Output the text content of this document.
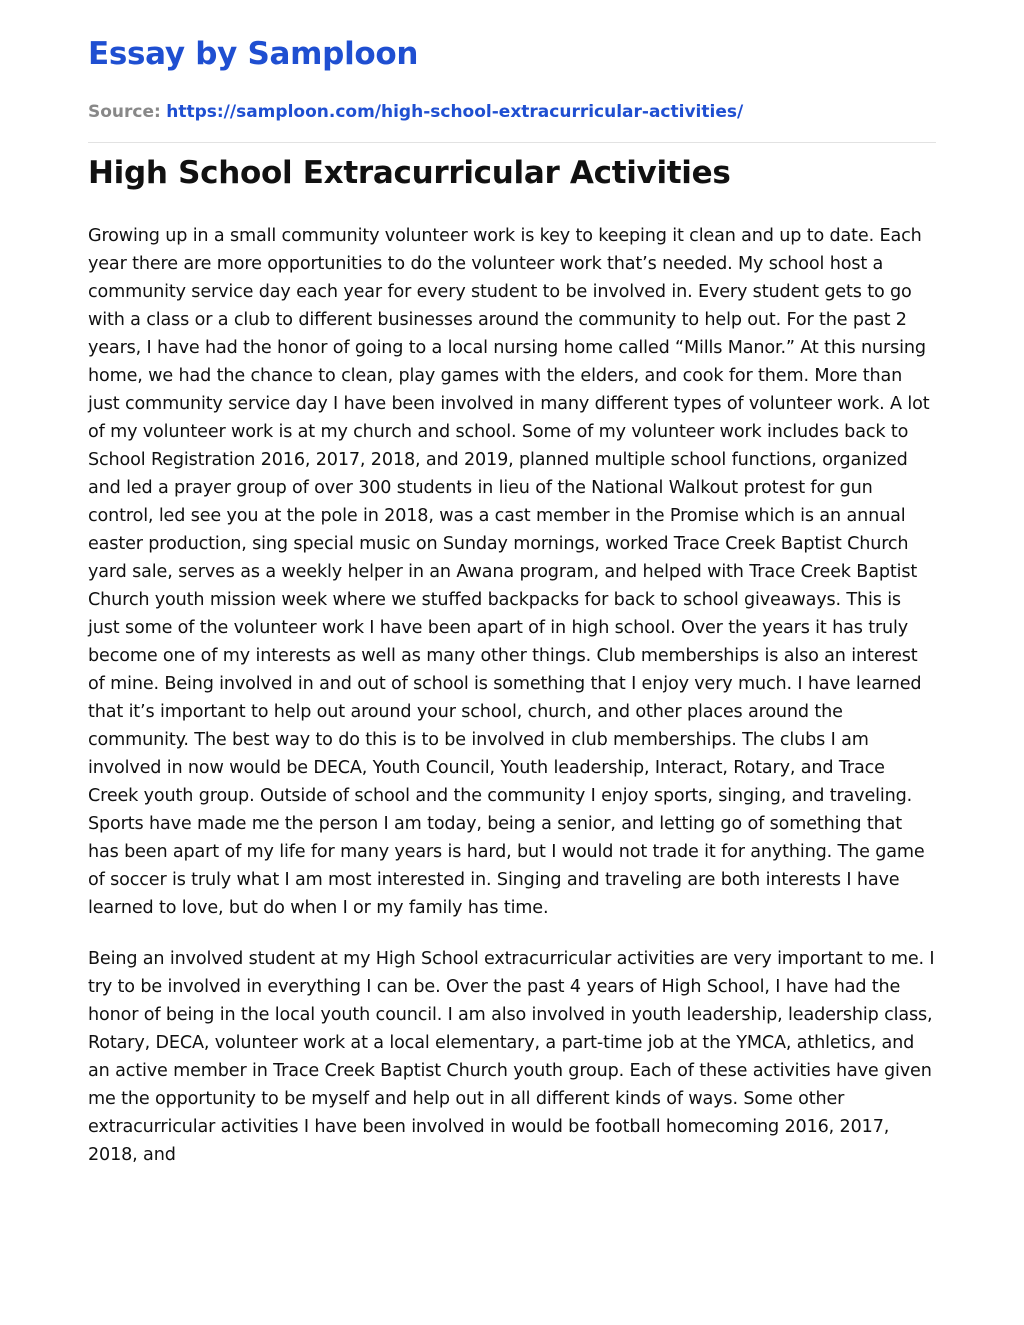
Essay by Samploon
Source: https://samploon.com/high-school-extracurricular-activities/
High School Extracurricular Activities

Growing up in a small community volunteer work is key to keeping it clean and up to date. Each year there are more opportunities to do the volunteer work that’s needed. My school host a community service day each year for every student to be involved in. Every student gets to go with a class or a club to different businesses around the community to help out. For the past 2 years, I have had the honor of going to a local nursing home called “Mills Manor.” At this nursing home, we had the chance to clean, play games with the elders, and cook for them. More than just community service day I have been involved in many different types of volunteer work. A lot of my volunteer work is at my church and school. Some of my volunteer work includes back to School Registration 2016, 2017, 2018, and 2019, planned multiple school functions, organized and led a prayer group of over 300 students in lieu of the National Walkout protest for gun control, led see you at the pole in 2018, was a cast member in the Promise which is an annual easter production, sing special music on Sunday mornings, worked Trace Creek Baptist Church yard sale, serves as a weekly helper in an Awana program, and helped with Trace Creek Baptist Church youth mission week where we stuffed backpacks for back to school giveaways. This is just some of the volunteer work I have been apart of in high school. Over the years it has truly become one of my interests as well as many other things. Club memberships is also an interest of mine. Being involved in and out of school is something that I enjoy very much. I have learned that it’s important to help out around your school, church, and other places around the community. The best way to do this is to be involved in club memberships. The clubs I am involved in now would be DECA, Youth Council, Youth leadership, Interact, Rotary, and Trace Creek youth group. Outside of school and the community I enjoy sports, singing, and traveling. Sports have made me the person I am today, being a senior, and letting go of something that has been apart of my life for many years is hard, but I would not trade it for anything. The game of soccer is truly what I am most interested in. Singing and traveling are both interests I have learned to love, but do when I or my family has time.

Being an involved student at my High School extracurricular activities are very important to me. I try to be involved in everything I can be. Over the past 4 years of High School, I have had the honor of being in the local youth council. I am also involved in youth leadership, leadership class, Rotary, DECA, volunteer work at a local elementary, a part-time job at the YMCA, athletics, and an active member in Trace Creek Baptist Church youth group. Each of these activities have given me the opportunity to be myself and help out in all different kinds of ways. Some other extracurricular activities I have been involved in would be football homecoming 2016, 2017, 2018, and
